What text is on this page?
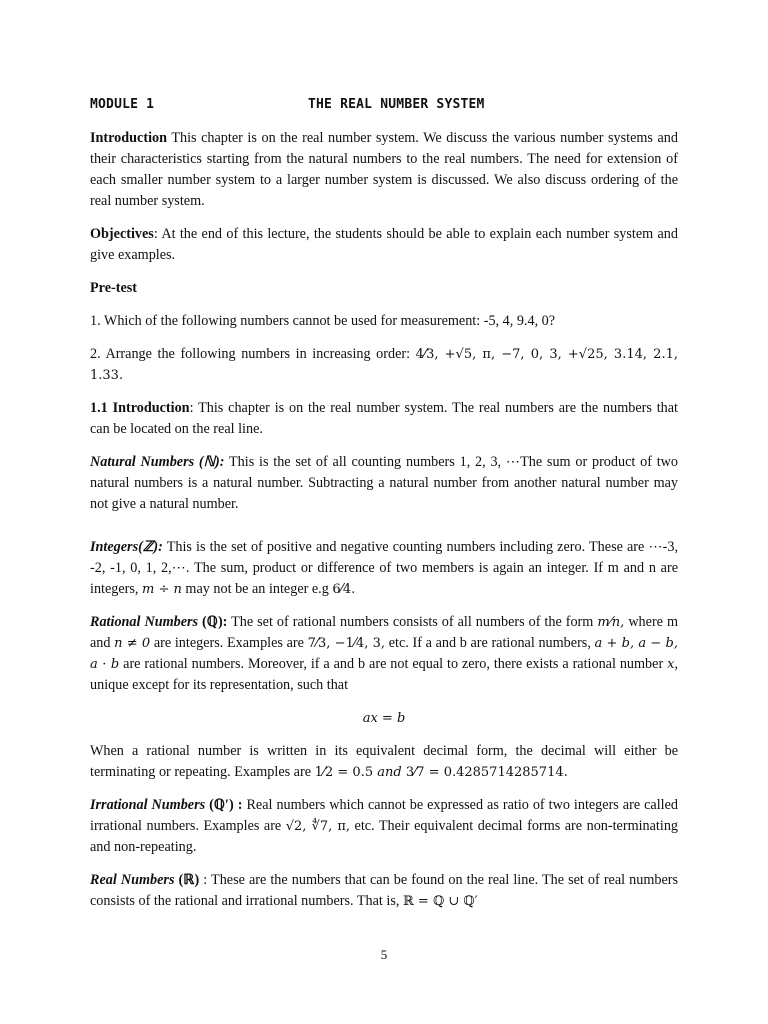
MODULE 1	THE REAL NUMBER SYSTEM

Introduction This chapter is on the real number system. We discuss the various number systems and their characteristics starting from the natural numbers to the real numbers. The need for extension of each smaller number system to a larger number system is discussed. We also discuss ordering of the real number system.

Objectives: At the end of this lecture, the students should be able to explain each number system and give examples.

Pre-test

1. Which of the following numbers cannot be used for measurement: -5, 4, 9.4, 0?

2. Arrange the following numbers in increasing order: 4⁄3, +√5, π, −7, 0, 3, +√25, 3.14, 2.1, 1.33.

1.1 Introduction: This chapter is on the real number system. The real numbers are the numbers that can be located on the real line.

Natural Numbers (ℕ): This is the set of all counting numbers 1, 2, 3, ⋯The sum or product of two natural numbers is a natural number. Subtracting a natural number from another natural number may not give a natural number.

Integers(ℤ): This is the set of positive and negative counting numbers including zero. These are ⋯-3, -2, -1, 0, 1, 2,⋯. The sum, product or difference of two members is again an integer. If m and n are integers, m ÷ n may not be an integer e.g 6⁄4.

Rational Numbers (ℚ): The set of rational numbers consists of all numbers of the form m⁄n, where m and n ≠ 0 are integers. Examples are 7⁄3, −1⁄4, 3, etc. If a and b are rational numbers, a + b, a − b, a · b are rational numbers. Moreover, if a and b are not equal to zero, there exists a rational number x, unique except for its representation, such that

ax = b

When a rational number is written in its equivalent decimal form, the decimal will either be terminating or repeating. Examples are 1⁄2 = 0.5 and 3⁄7 = 0.4285714285714.

Irrational Numbers (ℚ′) : Real numbers which cannot be expressed as ratio of two integers are called irrational numbers. Examples are √2, ∜7, π, etc. Their equivalent decimal forms are non-terminating and non-repeating.

Real Numbers (ℝ) : These are the numbers that can be found on the real line. The set of real numbers consists of the rational and irrational numbers. That is, ℝ = ℚ ∪ ℚ′

5
